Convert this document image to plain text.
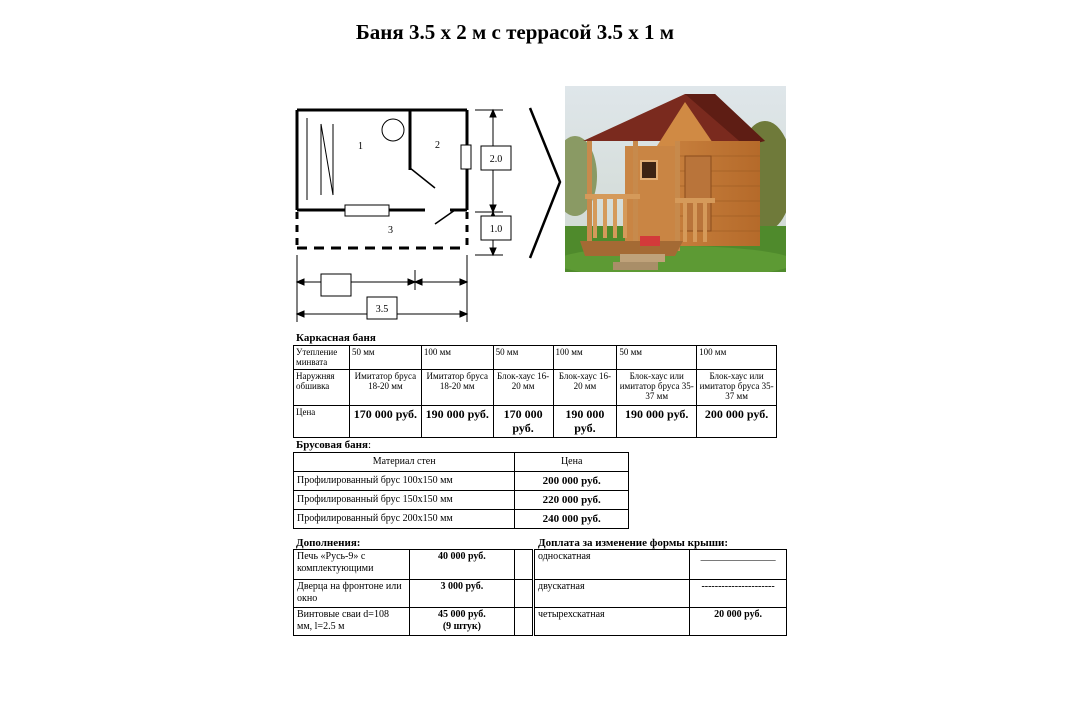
Баня 3.5 х 2 м с террасой 3.5 х 1 м
1	2
3
2.0
1.0
3.5
Каркасная баня
Утепление минвата	50 мм	100 мм	50 мм	100 мм	50 мм	100 мм
Наружняя обшивка	Имитатор бруса 18-20 мм	Имитатор бруса 18-20 мм	Блок-хаус 16-20 мм	Блок-хаус 16-20 мм	Блок-хаус или имитатор бруса 35-37 мм	Блок-хаус или имитатор бруса 35-37 мм
Цена	170 000 руб.	190 000 руб.	170 000 руб.	190 000 руб.	190 000 руб.	200 000 руб.
Брусовая баня:
Материал стен	Цена
Профилированный брус 100х150 мм	200 000 руб.
Профилированный брус 150х150 мм	220 000 руб.
Профилированный брус 200х150 мм	240 000 руб.
Дополнения:
Печь «Русь-9» с комплектующими	40 000 руб.	
Дверца на фронтоне или окно	3 000 руб.	
Винтовые сваи d=108 мм, l=2.5 м	45 000 руб.
(9 штук)	

Доплата за изменение формы крыши:
односкатная	_______________
двускатная	----------------------
четырехскатная	20 000 руб.
